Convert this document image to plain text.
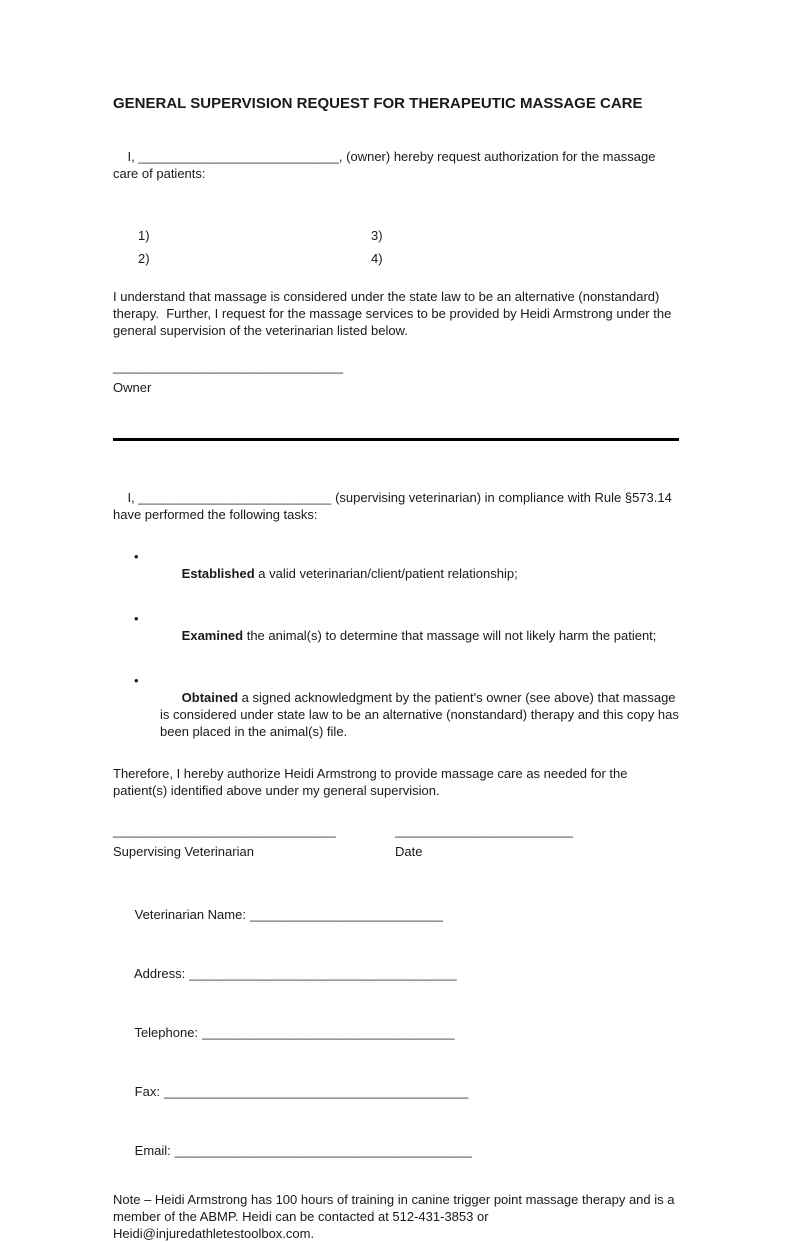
GENERAL SUPERVISION REQUEST FOR THERAPEUTIC MASSAGE CARE

I, ___________________________, (owner) hereby request authorization for the massage care of patients:

1)	3)
2)	4)
I understand that massage is considered under the state law to be an alternative (nonstandard) therapy.  Further, I request for the massage services to be provided by Heidi Armstrong under the general supervision of the veterinarian listed below.
_______________________________
Owner

I, __________________________ (supervising veterinarian) in compliance with Rule §573.14 have performed the following tasks:

•
Established a valid veterinarian/client/patient relationship;

•
Examined the animal(s) to determine that massage will not likely harm the patient;

•
Obtained a signed acknowledgment by the patient's owner (see above) that massage is considered under state law to be an alternative (nonstandard) therapy and this copy has been placed in the animal(s) file.

Therefore, I hereby authorize Heidi Armstrong to provide massage care as needed for the patient(s) identified above under my general supervision.
______________________________	________________________
Supervising Veterinarian	Date

Veterinarian Name: __________________________

Address: ____________________________________

Telephone: __________________________________

Fax: _________________________________________

Email: ________________________________________

Note – Heidi Armstrong has 100 hours of training in canine trigger point massage therapy and is a member of the ABMP. Heidi can be contacted at 512-431-3853 or Heidi@injuredathletestoolbox.com.
